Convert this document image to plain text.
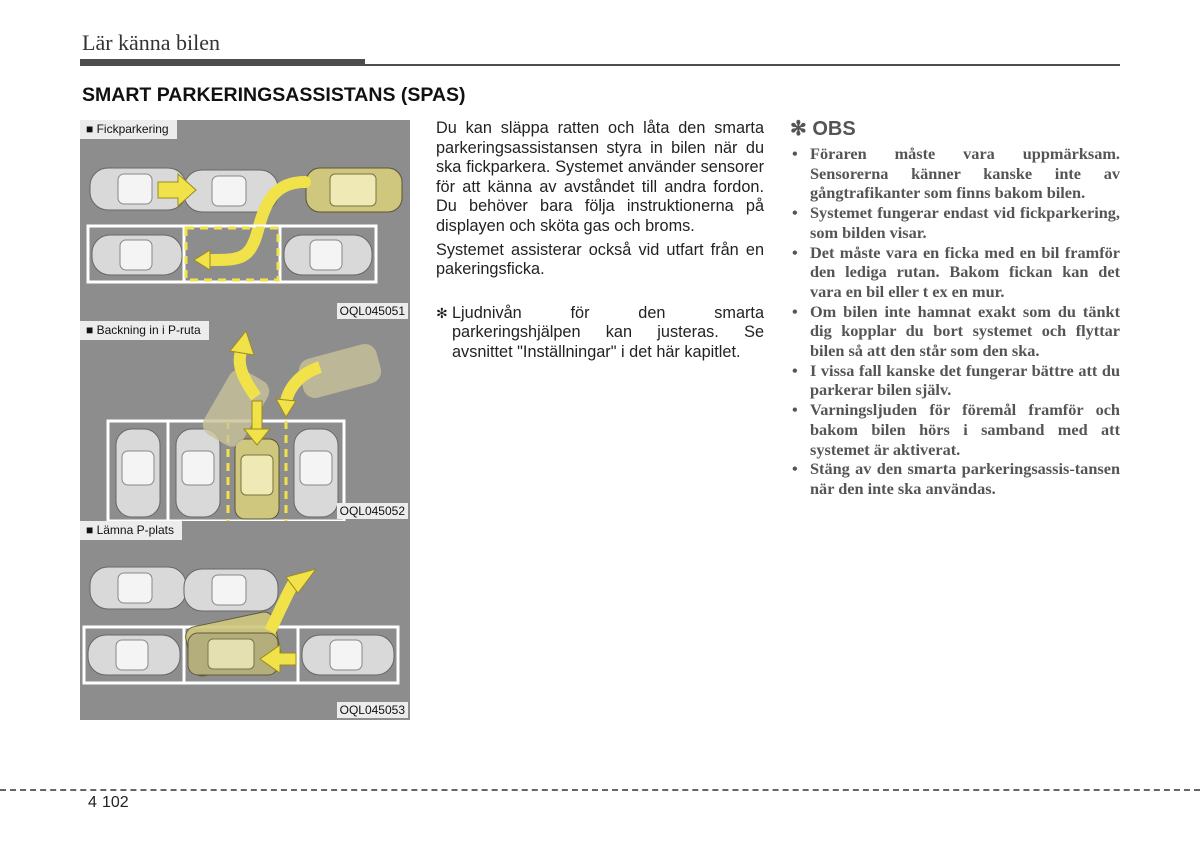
Lär känna bilen
SMART PARKERINGSASSISTANS (SPAS)
■ Fickparkering
OQL045051
■ Backning in i P-ruta
OQL045052
■ Lämna P-plats
OQL045053

Du kan släppa ratten och låta den smarta parkeringsassistansen styra in bilen när du ska fickparkera. Systemet använder sensorer för att känna av avståndet till andra fordon. Du behöver bara följa instruktionerna på displayen och sköta gas och broms.

Systemet assisterar också vid utfart från en pakeringsficka.

✻ Ljudnivån för den smarta parkeringshjälpen kan justeras. Se avsnittet "Inställningar" i det här kapitlet.
✻ OBS
• Föraren måste vara uppmärksam. Sensorerna känner kanske inte av gångtrafikanter som finns bakom bilen.
• Systemet fungerar endast vid fickparkering, som bilden visar.
• Det måste vara en ficka med en bil framför den lediga rutan. Bakom fickan kan det vara en bil eller t ex en mur.
• Om bilen inte hamnat exakt som du tänkt dig kopplar du bort systemet och flyttar bilen så att den står som den ska.
• I vissa fall kanske det fungerar bättre att du parkerar bilen själv.
• Varningsljuden för föremål framför och bakom bilen hörs i samband med att systemet är aktiverat.
• Stäng av den smarta parkeringsassis-tansen när den inte ska användas.
4 102
